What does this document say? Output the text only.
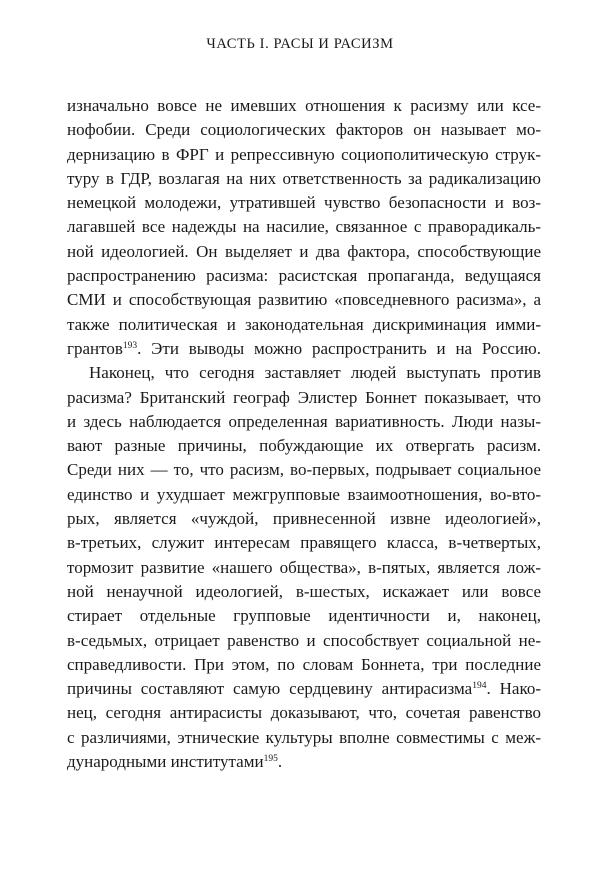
ЧАСТЬ I. РАСЫ И РАСИЗМ
изначально вовсе не имевших отношения к расизму или ксе-
нофобии. Среди социологических факторов он называет мо-
дернизацию в ФРГ и репрессивную социополитическую струк-
туру в ГДР, возлагая на них ответственность за радикализацию
немецкой молодежи, утратившей чувство безопасности и воз-
лагавшей все надежды на насилие, связанное с праворадикаль-
ной идеологией. Он выделяет и два фактора, способствующие
распространению расизма: расистская пропаганда, ведущаяся
СМИ и способствующая развитию «повседневного расизма», а
также политическая и законодательная дискриминация имми-
грантов$^{193}$. Эти выводы можно распространить и на Россию.
Наконец, что сегодня заставляет людей выступать против
расизма? Британский географ Элистер Боннет показывает, что
и здесь наблюдается определенная вариативность. Люди назы-
вают разные причины, побуждающие их отвергать расизм.
Среди них — то, что расизм, во-первых, подрывает социальное
единство и ухудшает межгрупповые взаимоотношения, во-вто-
рых, является «чуждой, привнесенной извне идеологией»,
в-третьих, служит интересам правящего класса, в-четвертых,
тормозит развитие «нашего общества», в-пятых, является лож-
ной ненаучной идеологией, в-шестых, искажает или вовсе
стирает отдельные групповые идентичности и, наконец,
в-седьмых, отрицает равенство и способствует социальной не-
справедливости. При этом, по словам Боннета, три последние
причины составляют самую сердцевину антирасизма$^{194}$. Нако-
нец, сегодня антирасисты доказывают, что, сочетая равенство
с различиями, этнические культуры вполне совместимы с меж-
дународными институтами$^{195}$.
